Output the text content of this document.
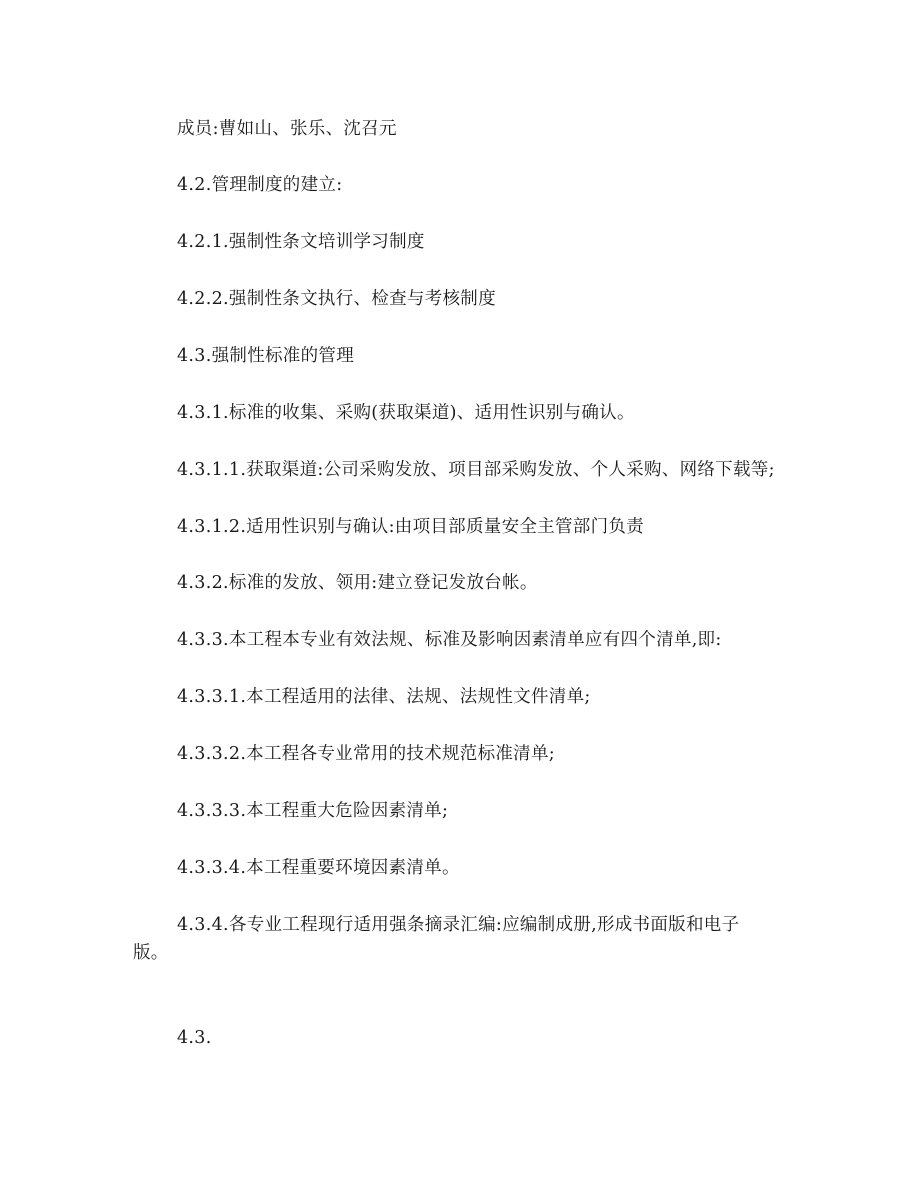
成员:曹如山、张乐、沈召元
4.2.管理制度的建立:
4.2.1.强制性条文培训学习制度
4.2.2.强制性条文执行、检查与考核制度
4.3.强制性标准的管理
4.3.1.标准的收集、采购(获取渠道)、适用性识别与确认。
4.3.1.1.获取渠道:公司采购发放、项目部采购发放、个人采购、网络下载等;
4.3.1.2.适用性识别与确认:由项目部质量安全主管部门负责
4.3.2.标准的发放、领用:建立登记发放台帐。
4.3.3.本工程本专业有效法规、标准及影响因素清单应有四个清单,即:
4.3.3.1.本工程适用的法律、法规、法规性文件清单;
4.3.3.2.本工程各专业常用的技术规范标准清单;
4.3.3.3.本工程重大危险因素清单;
4.3.3.4.本工程重要环境因素清单。
4.3.4.各专业工程现行适用强条摘录汇编:应编制成册,形成书面版和电子
版。
4.3.
